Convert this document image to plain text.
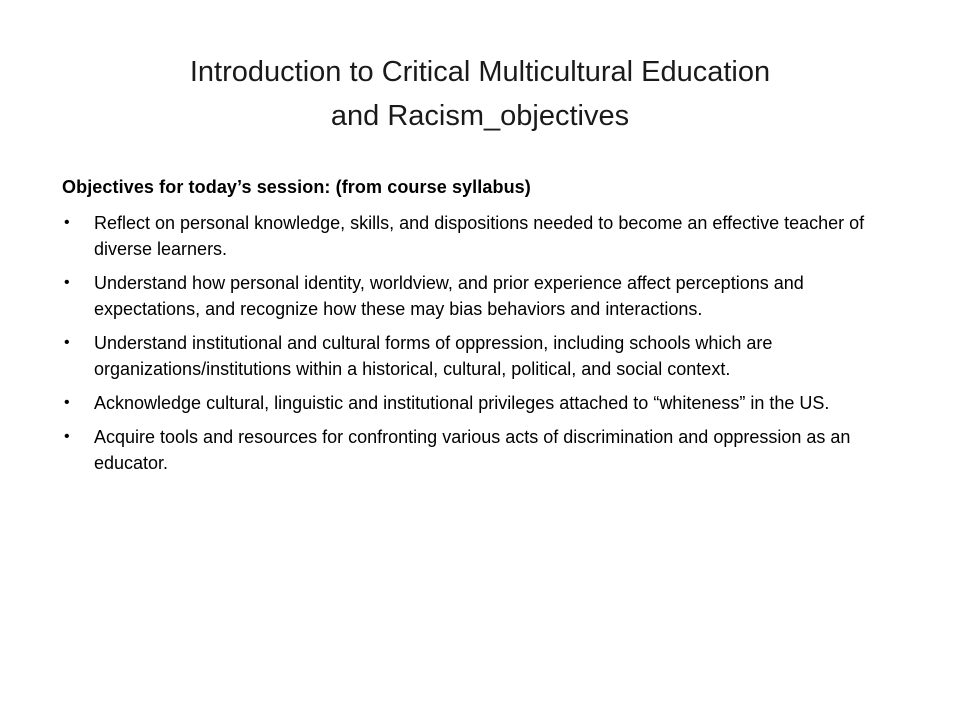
Introduction to Critical Multicultural Education
and Racism_objectives

Objectives for today’s session: (from course syllabus)

•	Reflect on personal knowledge, skills, and dispositions needed to become an effective teacher of diverse learners.
•	Understand how personal identity, worldview, and prior experience affect perceptions and expectations, and recognize how these may bias behaviors and interactions.
•	Understand institutional and cultural forms of oppression, including schools which are organizations/institutions within a historical, cultural, political, and social context.
•	Acknowledge cultural, linguistic and institutional privileges attached to “whiteness” in the US.
•	Acquire tools and resources for confronting various acts of discrimination and oppression as an educator.
